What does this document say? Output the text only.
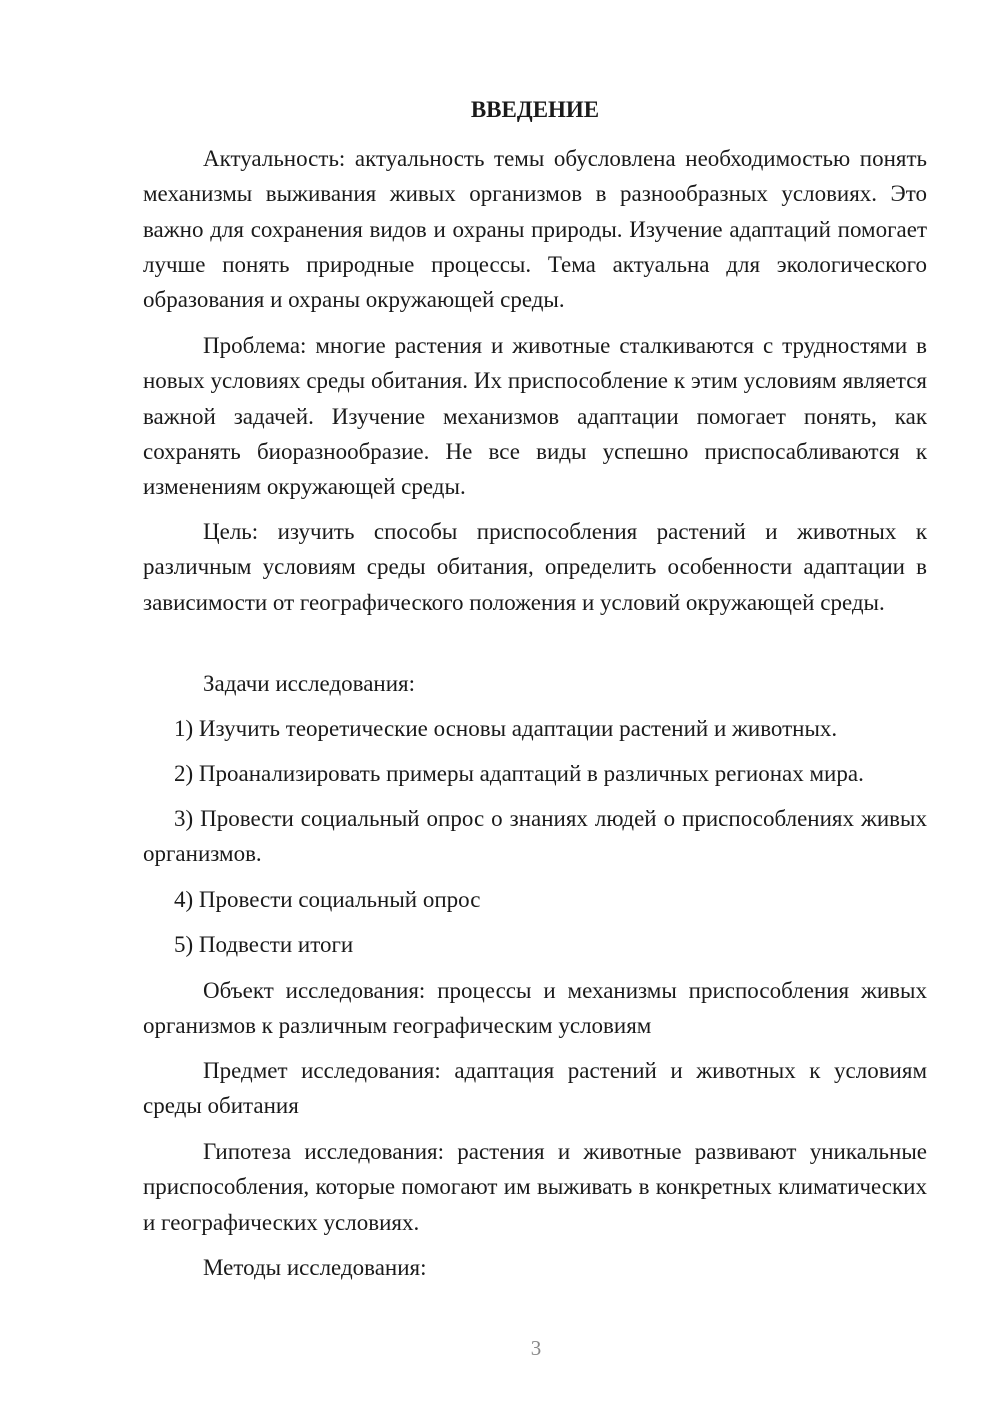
ВВЕДЕНИЕ

Актуальность: актуальность темы обусловлена необходимостью понять механизмы выживания живых организмов в разнообразных условиях. Это важно для сохранения видов и охраны природы. Изучение адаптаций помогает лучше понять природные процессы. Тема актуальна для экологического образования и охраны окружающей среды.

Проблема: многие растения и животные сталкиваются с трудностями в новых условиях среды обитания. Их приспособление к этим условиям является важной задачей. Изучение механизмов адаптации помогает понять, как сохранять биоразнообразие. Не все виды успешно приспосабливаются к изменениям окружающей среды.

Цель: изучить способы приспособления растений и животных к различным условиям среды обитания, определить особенности адаптации в зависимости от географического положения и условий окружающей среды.

Задачи исследования:

1) Изучить теоретические основы адаптации растений и животных.

2) Проанализировать примеры адаптаций в различных регионах мира.

3) Провести социальный опрос о знаниях людей о приспособлениях живых организмов.

4) Провести социальный опрос

5) Подвести итоги

Объект исследования: процессы и механизмы приспособления живых организмов к различным географическим условиям

Предмет исследования: адаптация растений и животных к условиям среды обитания

Гипотеза исследования: растения и животные развивают уникальные приспособления, которые помогают им выживать в конкретных климатических и географических условиях.

Методы исследования:

3
